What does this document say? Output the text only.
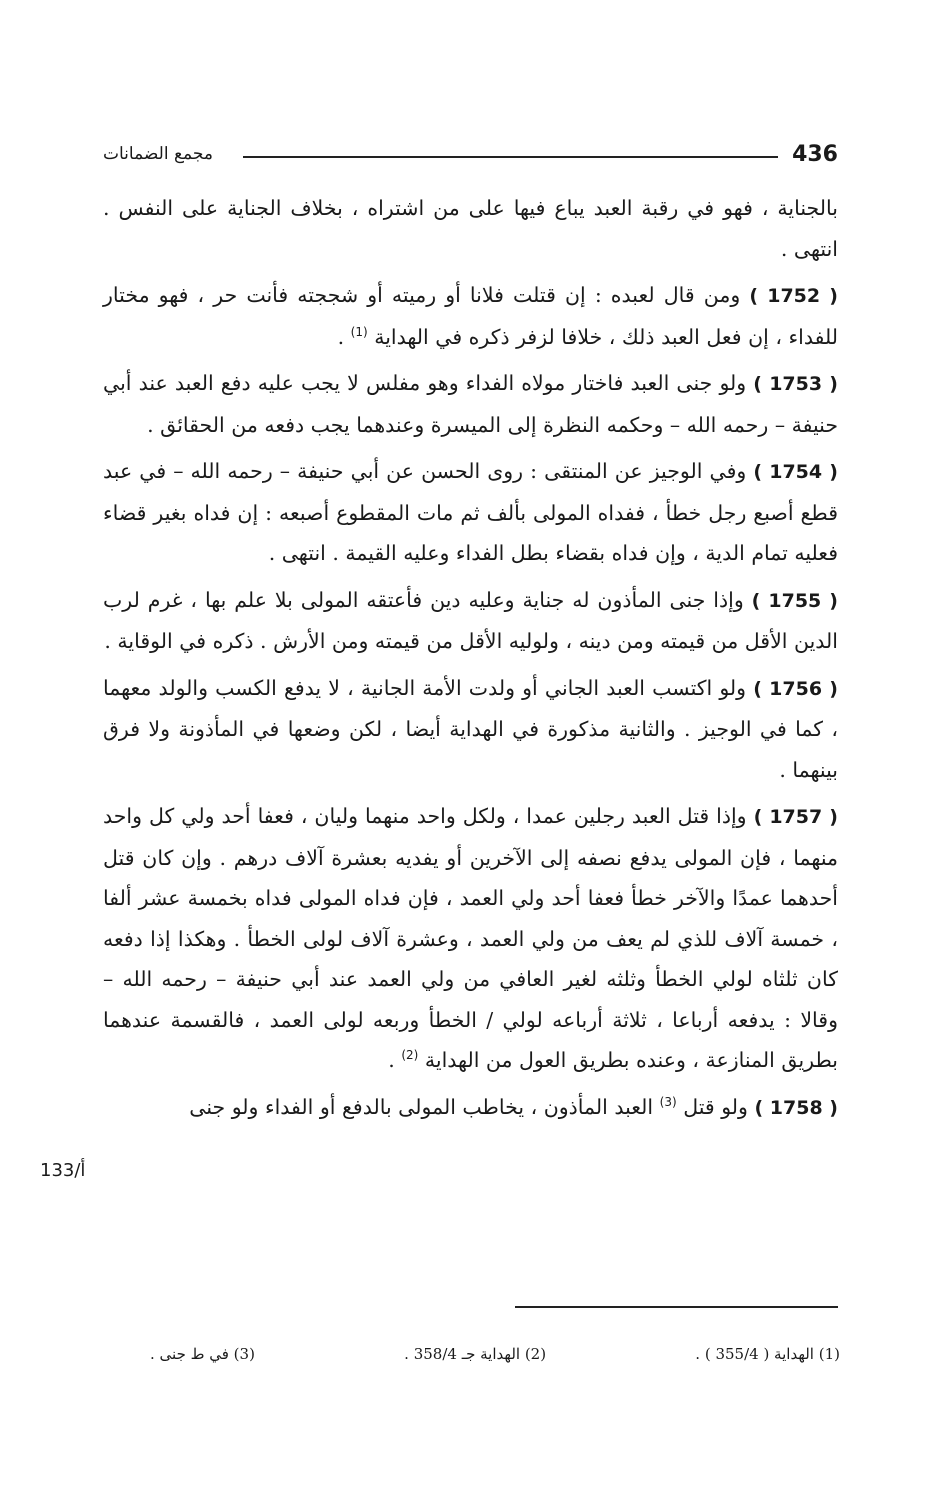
436
مجمع الضمانات

بالجناية ، فهو في رقبة العبد يباع فيها على من اشتراه ، بخلاف الجناية على النفس . انتهى .

( 1752 ) ومن قال لعبده : إن قتلت فلانا أو رميته أو شججته فأنت حر ، فهو مختار للفداء ، إن فعل العبد ذلك ، خلافا لزفر ذكره في الهداية $^{(1)}$ .

( 1753 ) ولو جنى العبد فاختار مولاه الفداء وهو مفلس لا يجب عليه دفع العبد عند أبي حنيفة – رحمه الله – وحكمه النظرة إلى الميسرة وعندهما يجب دفعه من الحقائق .

( 1754 ) وفي الوجيز عن المنتقى : روى الحسن عن أبي حنيفة – رحمه الله – في عبد قطع أصبع رجل خطأ ، ففداه المولى بألف ثم مات المقطوع أصبعه : إن فداه بغير قضاء فعليه تمام الدية ، وإن فداه بقضاء بطل الفداء وعليه القيمة . انتهى .

( 1755 ) وإذا جنى المأذون له جناية وعليه دين فأعتقه المولى بلا علم بها ، غرم لرب الدين الأقل من قيمته ومن دينه ، ولوليه الأقل من قيمته ومن الأرش . ذكره في الوقاية .

( 1756 ) ولو اكتسب العبد الجاني أو ولدت الأمة الجانية ، لا يدفع الكسب والولد معهما ، كما في الوجيز . والثانية مذكورة في الهداية أيضا ، لكن وضعها في المأذونة ولا فرق بينهما .

( 1757 ) وإذا قتل العبد رجلين عمدا ، ولكل واحد منهما وليان ، فعفا أحد ولي كل واحد منهما ، فإن المولى يدفع نصفه إلى الآخرين أو يفديه بعشرة آلاف درهم . وإن كان قتل أحدهما عمدًا والآخر خطأ فعفا أحد ولي العمد ، فإن فداه المولى فداه بخمسة عشر ألفا ، خمسة آلاف للذي لم يعف من ولي العمد ، وعشرة آلاف لولى الخطأ . وهكذا إذا دفعه كان ثلثاه لولي الخطأ وثلثه لغير العافي من ولي العمد عند أبي حنيفة – رحمه الله – وقالا : يدفعه أرباعا ، ثلاثة أرباعه لولي / الخطأ وربعه لولى العمد ، فالقسمة عندهما بطريق المنازعة ، وعنده بطريق العول من الهداية $^{(2)}$ .

( 1758 ) ولو قتل $^{(3)}$ العبد المأذون ، يخاطب المولى بالدفع أو الفداء ولو جنى

133/أ
(1) الهداية ( 355/4 ) .
(2) الهداية جـ 358/4 .
(3) في ط جنى .
